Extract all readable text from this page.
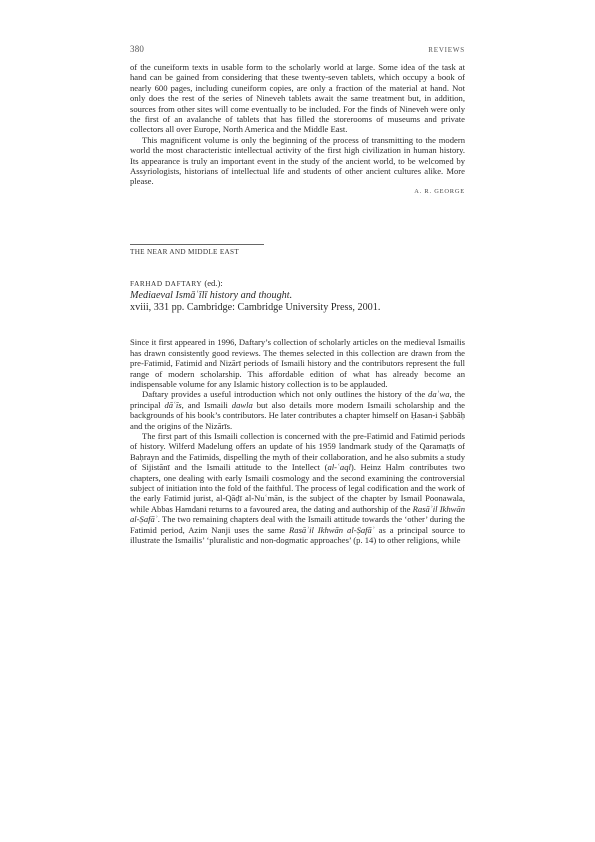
380	REVIEWS

of the cuneiform texts in usable form to the scholarly world at large. Some idea of the task at hand can be gained from considering that these twenty-seven tablets, which occupy a book of nearly 600 pages, including cuneiform copies, are only a fraction of the material at hand. Not only does the rest of the series of Nineveh tablets await the same treatment but, in addition, sources from other sites will come eventually to be included. For the finds of Nineveh were only the first of an avalanche of tablets that has filled the storerooms of museums and private collectors all over Europe, North America and the Middle East.

This magnificent volume is only the beginning of the process of transmitting to the modern world the most characteristic intellectual activity of the first high civilization in human history. Its appearance is truly an important event in the study of the ancient world, to be welcomed by Assyriologists, historians of intellectual life and students of other ancient cultures alike. More please.

A. R. GEORGE
THE NEAR AND MIDDLE EAST
FARHAD DAFTARY (ed.):
Mediaeval Ismāʿīlī history and thought.
xviii, 331 pp. Cambridge: Cambridge University Press, 2001.

Since it first appeared in 1996, Daftary’s collection of scholarly articles on the medieval Ismailis has drawn consistently good reviews. The themes selected in this collection are drawn from the pre-Fatimid, Fatimid and Nizārī periods of Ismaili history and the contributors represent the full range of modern scholarship. This affordable edition of what has already become an indispensable volume for any Islamic history collection is to be applauded.

Daftary provides a useful introduction which not only outlines the history of the daʿwa, the principal dāʿīs, and Ismaili dawla but also details more modern Ismaili scholarship and the backgrounds of his book’s contributors. He later contributes a chapter himself on Ḥasan-i Ṣabbāḥ and the origins of the Nizārīs.

The first part of this Ismaili collection is concerned with the pre-Fatimid and Fatimid periods of history. Wilferd Madelung offers an update of his 1959 landmark study of the Qaramaṭīs of Baḥrayn and the Fatimids, dispelling the myth of their collaboration, and he also submits a study of Sijistānī and the Ismaili attitude to the Intellect (al-ʿaql). Heinz Halm contributes two chapters, one dealing with early Ismaili cosmology and the second examining the controversial subject of initiation into the fold of the faithful. The process of legal codification and the work of the early Fatimid jurist, al-Qāḍī al-Nuʿmān, is the subject of the chapter by Ismail Poonawala, while Abbas Hamdani returns to a favoured area, the dating and authorship of the Rasāʾil Ikhwān al-Ṣafāʾ. The two remaining chapters deal with the Ismaili attitude towards the ‘other’ during the Fatimid period, Azim Nanji uses the same Rasāʾil Ikhwān al-Ṣafāʾ as a principal source to illustrate the Ismailis’ ‘pluralistic and non-dogmatic approaches’ (p. 14) to other religions, while
